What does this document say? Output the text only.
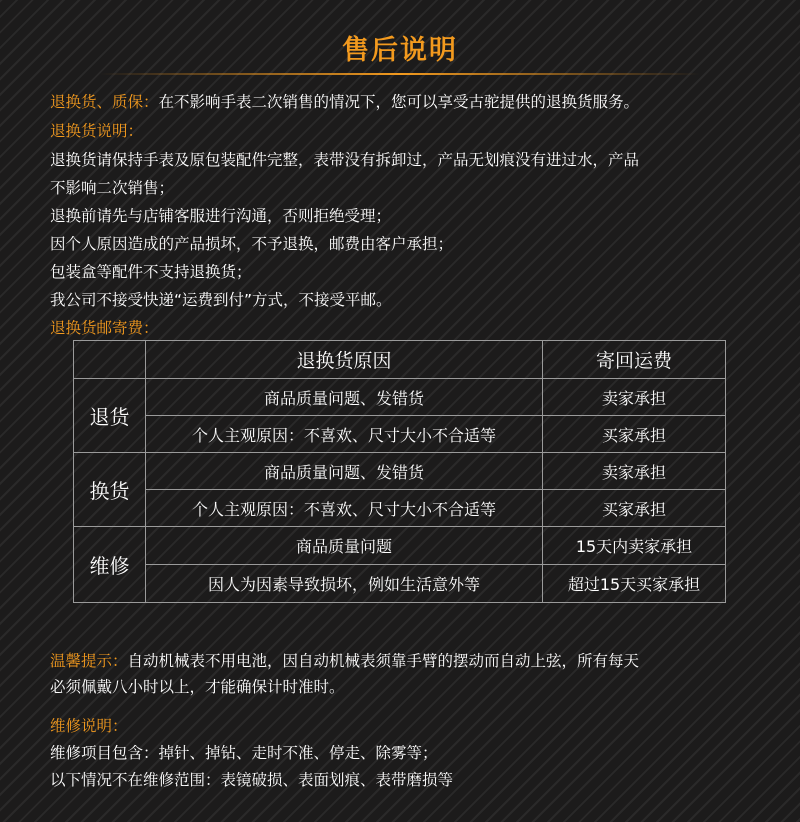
售后说明
退换货、质保：在不影响手表二次销售的情况下，您可以享受古驼提供的退换货服务。
退换货说明：
退换货请保持手表及原包装配件完整，表带没有拆卸过，产品无划痕没有进过水，产品
不影响二次销售；
退换前请先与店铺客服进行沟通，否则拒绝受理；
因个人原因造成的产品损坏，不予退换，邮费由客户承担；
包装盒等配件不支持退换货；
我公司不接受快递“运费到付”方式，不接受平邮。
退换货邮寄费：
	退换货原因	寄回运费
退货	商品质量问题、发错货	卖家承担
	个人主观原因：不喜欢、尺寸大小不合适等	买家承担
换货	商品质量问题、发错货	卖家承担
	个人主观原因：不喜欢、尺寸大小不合适等	买家承担
维修	商品质量问题	15天内卖家承担
	因人为因素导致损坏，例如生活意外等	超过15天买家承担
温馨提示：自动机械表不用电池，因自动机械表须靠手臂的摆动而自动上弦，所有每天
必须佩戴八小时以上，才能确保计时准时。
维修说明：
维修项目包含：掉针、掉钻、走时不准、停走、除雾等；
以下情况不在维修范围：表镜破损、表面划痕、表带磨损等
